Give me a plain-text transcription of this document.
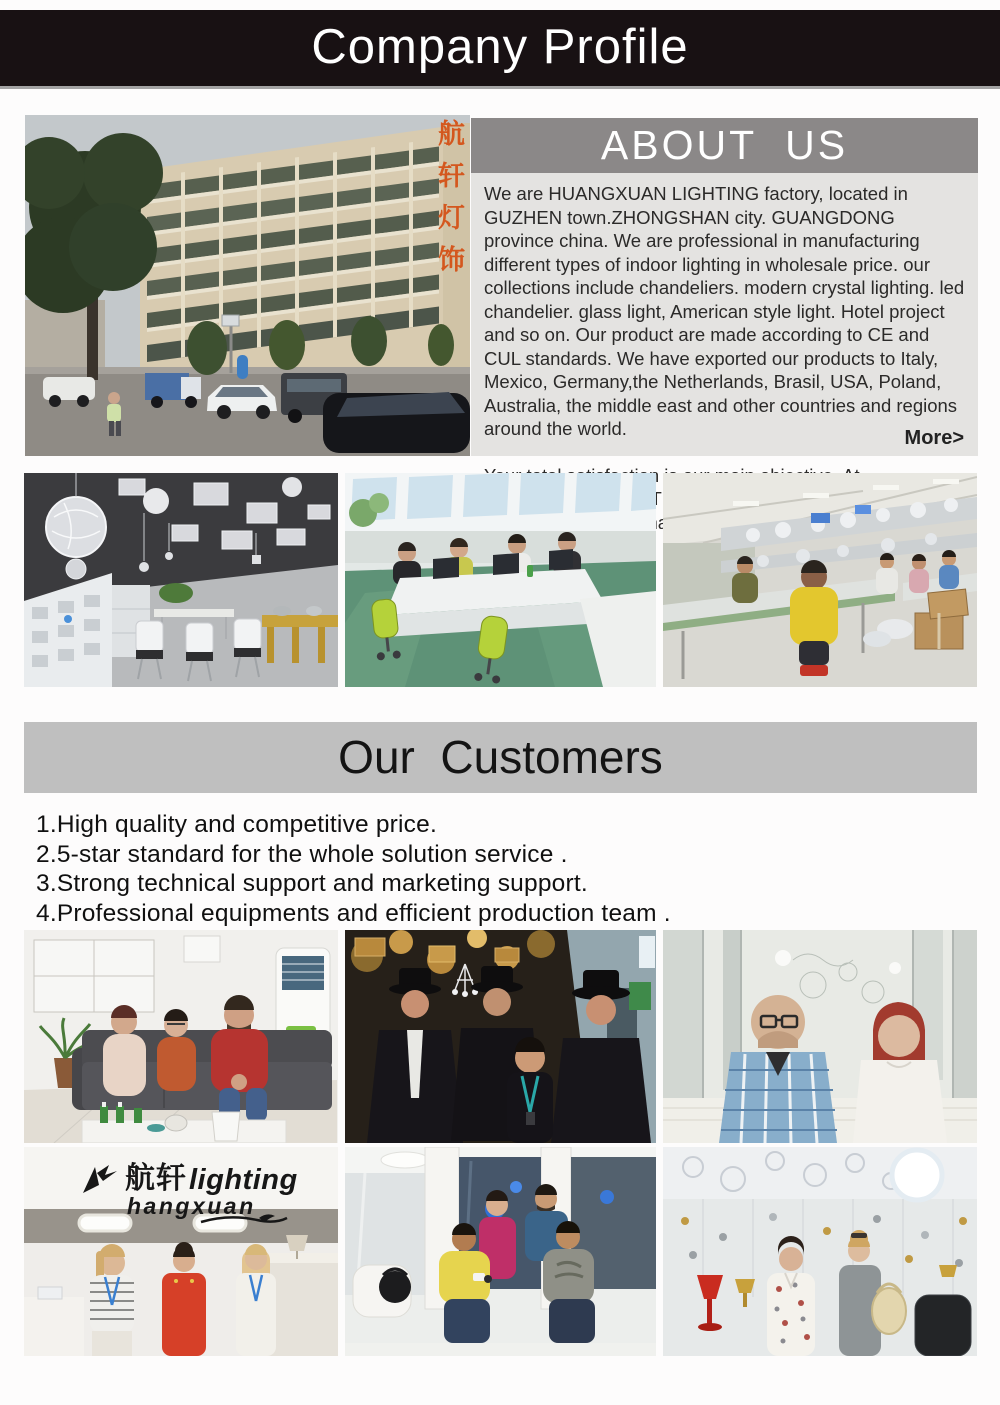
Company Profile
航轩灯饰	ABOUT  US

We are HUANGXUAN LIGHTING factory, located in GUZHEN town.ZHONGSHAN city. GUANGDONG province china. We are professional in manufacturing different types of indoor lighting in wholesale price. our collections include chandeliers. modern crystal lighting. led chandelier. glass light, American style light. Hotel project and so on. Our product are made according to CE and CUL standards. We have exported our products to Italy, Mexico, Germany,the Netherlands, Brasil, USA, Poland, Australia, the middle east and other countries and regions around the world.

that

More>
Our  Customers
1.High quality and competitive price.
2.5-star standard for the whole solution service .
3.Strong technical support and marketing support.
4.Professional equipments and efficient production team .
航轩 lighting
hangxuan
